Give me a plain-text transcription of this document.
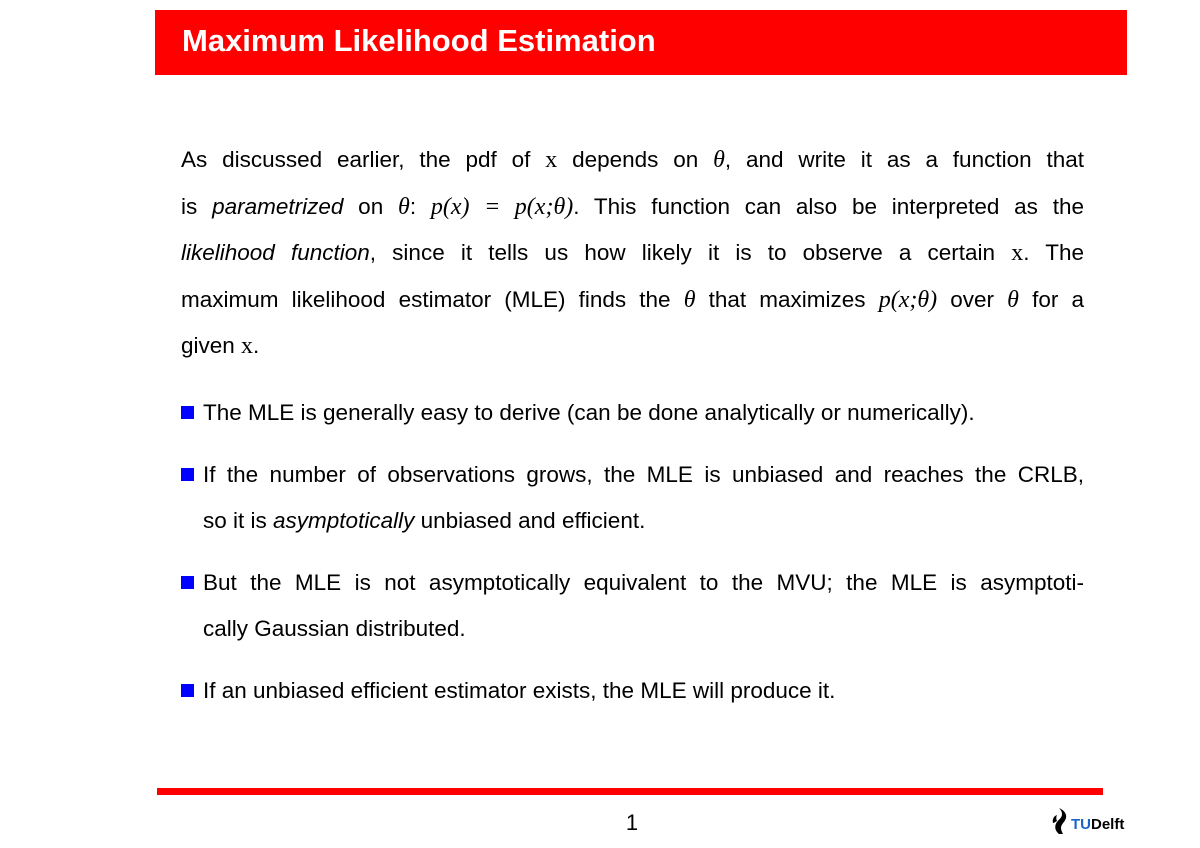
Maximum Likelihood Estimation
As discussed earlier, the pdf of x depends on θ, and write it as a function that
is parametrized on θ: p(x) = p(x;θ). This function can also be interpreted as the
likelihood function, since it tells us how likely it is to observe a certain x. The
maximum likelihood estimator (MLE) finds the θ that maximizes p(x;θ) over θ for a
given x.
The MLE is generally easy to derive (can be done analytically or numerically).
If the number of observations grows, the MLE is unbiased and reaches the CRLB,
so it is asymptotically unbiased and efficient.
But the MLE is not asymptotically equivalent to the MVU; the MLE is asymptoti-
cally Gaussian distributed.
If an unbiased efficient estimator exists, the MLE will produce it.
1	TUDelft
